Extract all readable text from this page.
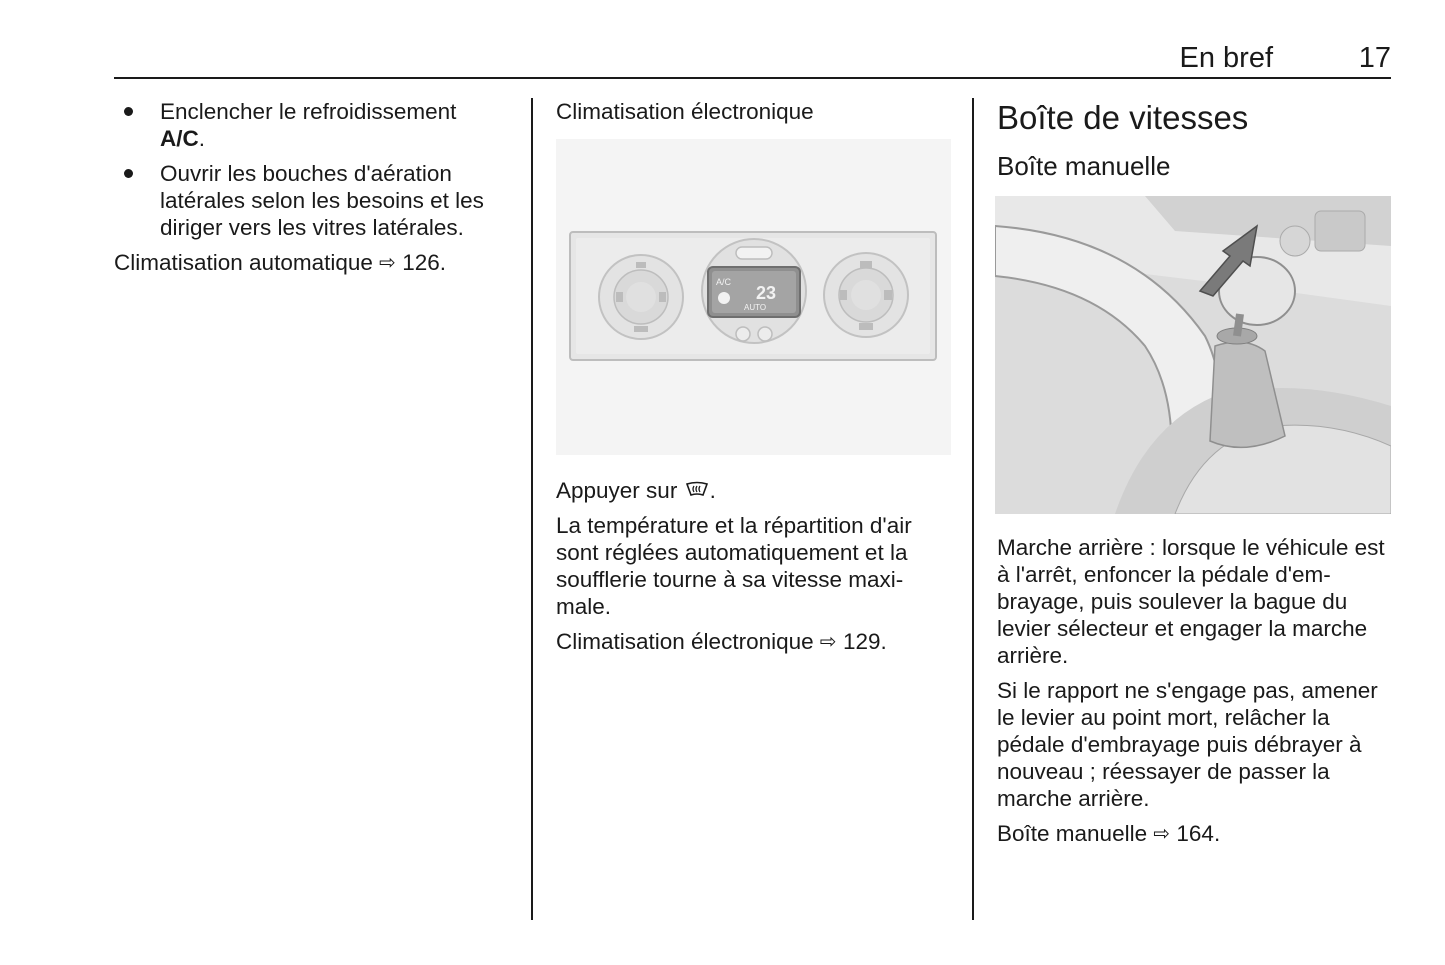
En bref	17
Enclencher le refroidissement
A/C.
Ouvrir les bouches d'aération latérales selon les besoins et les diriger vers les vitres latérales.

Climatisation automatique ⇨ 126.

Climatisation électronique

A/C
23
AUTO

Appuyer sur .

La température et la répartition d'air sont réglées automatiquement et la soufflerie tourne à sa vitesse maxi-male.

Climatisation électronique ⇨ 129.

Boîte de vitesses

Boîte manuelle

Marche arrière : lorsque le véhicule est à l'arrêt, enfoncer la pédale d'em-brayage, puis soulever la bague du levier sélecteur et engager la marche arrière.

Si le rapport ne s'engage pas, amener le levier au point mort, relâcher la pédale d'embrayage puis débrayer à nouveau ; réessayer de passer la marche arrière.

Boîte manuelle ⇨ 164.
